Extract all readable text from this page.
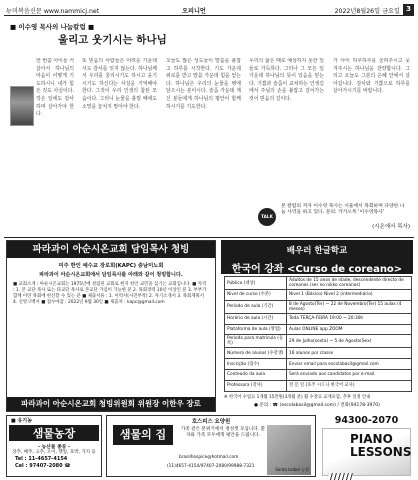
뉴미복음신문 www.nammicj.net	오피니언	2022년8월26일 금요일 3
■ 이수영 목사의 나눔칼럼 ■
울리고 웃기시는 하나님
한 번쯤 아이들 거 살아서 하나님의 마음이 어떻게 기도하시니 내가 힘든 것도 사실이다. 작은 일에도 감사하며 살아가야 한다.
또 믿음의 사람들은 어려운 가운데서도 감사를 잊지 않는다. 하나님께서 우리를 울리시기도 하시고 웃기시기도 하신다는 사실을 기억해야 한다. 그것이 우리 인생의 참된 모습이다. 그러니 눈물을 흘릴 때에도 소망을 놓치지 말아야 한다.
오늘도 많은 성도들이 말씀을 붙잡고 하루를 시작한다. 기도 가운데 위로를 받고 말씀 가운데 힘을 얻는다. 하나님은 우리의 눈물을 병에 담으시는 분이시다. 슬픔 가운데 계신 분들에게 하나님의 평안이 함께하시기를 기도한다.
우리의 삶은 때로 예상하지 못한 일들로 가득하다. 그러나 그 모든 일 가운데 하나님의 뜻이 있음을 믿는다. 기쁨과 슬픔이 교차하는 인생길에서 주님의 손을 붙잡고 걸어가는 것이 믿음의 길이다.
가 아이 하루하루를 울려주시고 웃겨주시는 하나님을 찬양합니다. 그리고 오늘도 그분의 은혜 안에서 살아갑니다. 감사와 기쁨으로 하루를 살아가시기를 바랍니다.
(시온에서 목사)
TALK
본 칼럼의 저자 이수영 목사는 서울에서 목회하며 다양한 나눔 사역을 하고 있다. 문의: 카카오톡 '이수영목사'
파라과이 아순시온교회 담임목사 청빙
미주 한인 예수교 장로회(KAPC) 중남미노회
파라과이 아순시온교회에서 담임목사를 아래와 같이 청빙합니다.
■ 교회소개 : 아순시온교회는 1975년에 설립된 교회로 현지 한인 교민을 섬기는 교회입니다. ■ 자격 : 1. 본 교단 목사 또는 타교단 목사로 본교단 가입이 가능한 분 2. 목회경력 10년 이상인 분 3. 부부가 함께 이민 목회에 헌신할 수 있는 분 ■ 제출서류 : 1. 이력서(사진부착) 2. 자기소개서 3. 목회계획서 4. 신앙고백서 ■ 접수마감 : 2022년 9월 30일 ■ 제출처 : kapc@gmail.com
파라과이 아순시온교회 청빙위원회 위원장 이한우 장로
배우러 한글학교
한국어 강좌 <Curso de coreano>
Público (대상)	Adultos de 15 anos de idade, descendente directo de coreanos (ser no nikko coreanos)
Nivel de curso (수준)	Nivel 1 (Básico) Nivel 2 (intermediário)
Período de aula (기간)	8 de Agosto(Ter) ~ 22 de Novembro(Ter) 15 aulas (4 meses)
Horário de aula (시간)	Toda TERÇA-FEIRA 19:00 ~ 20:30h
Plataforma de aula (방법)	Aulas ONLINE app ZOOM
Período para matrícula (등록)	29 de Julho(sexta) ~ 5 de Agosto(Sex)
Número de alunos (수강생)	16 alunos por classe
Inscrição (접수)	Enviar email para escolabasil@gmail.com
Conteúdo da aula	Será enviado aos candidatos por e-mail.
Professora (강사)	전 문 일 (호주 시드니 한국어 교사)
※ 한국어 수업료 1개월 15만원(3개월 분) 월 수강료 교재포함, 추후 일정 안내
● 문의 : ☎ (escolabasil@gmail.com) / 전화(94178-3970)
■ 유기농
샘물농장
- 농산물 종류 -
상추, 배추, 고추, 오이, 깻잎, 호박, 가지 등
Tel : 11-4657-4154
Cel : 97407-2080 ☎
호스피스 요양원
샘물의 집	가족 같은 분위기에서 정성껏 모십니다. 환자와 가족 모두에게 평안을 드립니다.
brasilhospice@hotmail.com
(11)4657-4154/97407-2080/99988-7321
Santa Isabel 농장
94300-2070
PIANO
LESSONS
